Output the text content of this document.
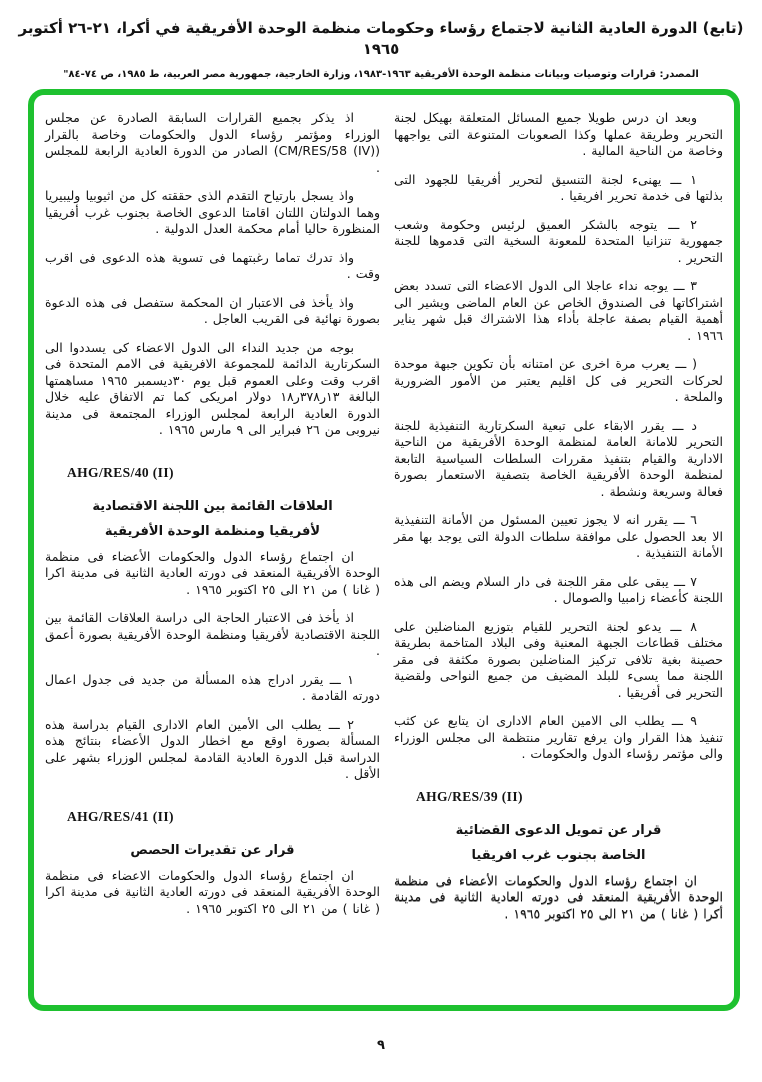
(تابع) الدورة العادية الثانية لاجتماع رؤساء وحكومات منظمة الوحدة الأفريقية في أكرا، ⁦٢١-٢٦⁩ أكتوبر ١٩٦٥
المصدر: قرارات وتوصيات وبيانات منظمة الوحدة الأفريقية ١٩٦٣-١٩٨٣، وزارة الخارجية، جمهورية مصر العربية، ط ١٩٨٥، ص ٧٤-٨٤"
وبعد ان درس طويلا جميع المسائل المتعلقة بهيكل لجنة التحرير وطريقة عملها وكذا الصعوبات المتنوعة التى يواجهها وخاصة من الناحية المالية .
١ ـــ يهنىء لجنة التنسيق لتحرير أفريقيا للجهود التى بذلتها فى خدمة تحرير افريقيا .
٢ ـــ يتوجه بالشكر العميق لرئيس وحكومة وشعب جمهورية تنزانيا المتحدة للمعونة السخية التى قدموها للجنة التحرير .
٣ ـــ يوجه نداء عاجلا الى الدول الاعضاء التى تسدد بعض اشتراكاتها فى الصندوق الخاص عن العام الماضى ويشير الى أهمية القيام بصفة عاجلة بأداء هذا الاشتراك قبل شهر يناير ١٩٦٦ .
( ـــ يعرب مرة اخرى عن امتنانه بأن تكوين جبهة موحدة لحركات التحرير فى كل اقليم يعتبر من الأمور الضرورية والملحة .
د ـــ يقرر الابقاء على تبعية السكرتارية التنفيذية للجنة التحرير للامانة العامة لمنظمة الوحدة الأفريقية من الناحية الادارية والقيام بتنفيذ مقررات السلطات السياسية التابعة لمنظمة الوحدة الأفريقية الخاصة بتصفية الاستعمار بصورة فعالة وسريعة ونشطة .
٦ ـــ يقرر انه لا يجوز تعيين المسئول من الأمانة التنفيذية الا بعد الحصول على موافقة سلطات الدولة التى يوجد بها مقر الأمانة التنفيذية .
٧ ـــ يبقى على مقر اللجنة فى دار السلام ويضم الى هذه اللجنة كأعضاء زامبيا والصومال .
٨ ـــ يدعو لجنة التحرير للقيام بتوزيع المناضلين على مختلف قطاعات الجبهة المعنية وفى البلاد المتاخمة بطريقة حصينة بغية تلافى تركيز المناضلين بصورة مكثفة فى مقر اللجنة مما يسىء للبلد المضيف من جميع النواحى ولقضية التحرير فى أفريقيا .
٩ ـــ يطلب الى الامين العام الادارى ان يتابع عن كثب تنفيذ هذا القرار وان يرفع تقارير منتظمة الى مجلس الوزراء والى مؤتمر رؤساء الدول والحكومات .
AHG/RES/39 (II)
قرار عن تمويل الدعوى القضائية
الخاصة بجنوب غرب افريقيا
ان اجتماع رؤساء الدول والحكومات الأعضاء فى منظمة الوحدة الأفريقية المنعقد فى دورته العادية الثانية فى مدينة أكرا ( غانا ) من ٢١ الى ٢٥ اكتوبر ١٩٦٥ .
اذ يذكر بجميع القرارات السابقة الصادرة عن مجلس الوزراء ومؤتمر رؤساء الدول والحكومات وخاصة بالقرار (⁦CM/RES/58 (IV)⁩) الصادر من الدورة العادية الرابعة للمجلس .
واذ يسجل بارتياح التقدم الذى حققته كل من اثيوبيا وليبيريا وهما الدولتان اللتان اقامتا الدعوى الخاصة بجنوب غرب أفريقيا المنظورة حاليا أمام محكمة العدل الدولية .
واذ تدرك تماما رغبتهما فى تسوية هذه الدعوى فى اقرب وقت .
واذ يأخذ فى الاعتبار ان المحكمة ستفصل فى هذه الدعوة بصورة نهائية فى القريب العاجل .
بوجه من جديد النداء الى الدول الاعضاء كى يسددوا الى السكرتارية الدائمة للمجموعة الافريقية فى الامم المتحدة فى اقرب وقت وعلى العموم قبل يوم ٣٠ديسمبر ١٩٦٥ مساهمتها البالغة ١٣ر٣٧٨ر١٨ دولار امريكى كما تم الاتفاق عليه خلال الدورة العادية الرابعة لمجلس الوزراء المجتمعة فى مدينة نيروبى من ٢٦ فبراير الى ٩ مارس ١٩٦٥ .
AHG/RES/40 (II)
العلاقات القائمة بين اللجنة الاقتصادية
لأفريقيا ومنظمة الوحدة الأفريقية
ان اجتماع رؤساء الدول والحكومات الأعضاء فى منظمة الوحدة الأفريقية المنعقد فى دورته العادية الثانية فى مدينة اكرا ( غانا ) من ٢١ الى ٢٥ اكتوبر ١٩٦٥ .
اذ يأخذ فى الاعتبار الحاجة الى دراسة العلاقات القائمة بين اللجنة الاقتصادية لأفريقيا ومنظمة الوحدة الأفريقية بصورة أعمق .
١ ـــ يقرر ادراج هذه المسألة من جديد فى جدول اعمال دورته القادمة .
٢ ـــ يطلب الى الأمين العام الادارى القيام بدراسة هذه المسألة بصورة اوقع مع اخطار الدول الأعضاء بنتائج هذه الدراسة قبل الدورة العادية القادمة لمجلس الوزراء بشهر على الأقل .
AHG/RES/41 (II)
قرار عن تقديرات الحصص
ان اجتماع رؤساء الدول والحكومات الاعضاء فى منظمة الوحدة الأفريقية المنعقد فى دورته العادية الثانية فى مدينة اكرا ( غانا ) من ٢١ الى ٢٥ اكتوبر ١٩٦٥ .
٩
